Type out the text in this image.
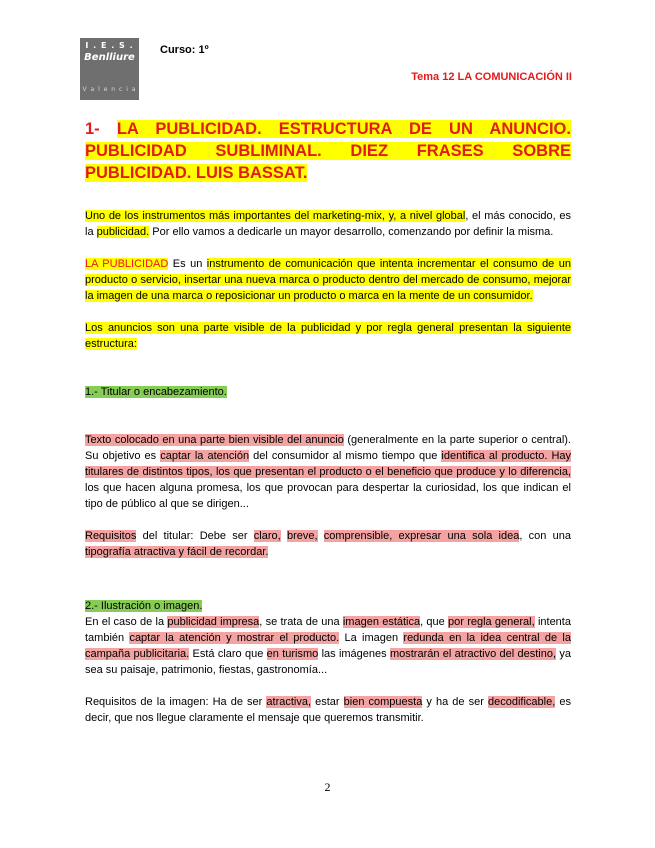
I . E . S .
Benlliure
V a l e n c i a
Curso: 1º
Tema 12 LA COMUNICACIÓN II
1- LA PUBLICIDAD. ESTRUCTURA DE UN ANUNCIO. PUBLICIDAD SUBLIMINAL. DIEZ FRASES SOBRE PUBLICIDAD. LUIS BASSAT.

Uno de los instrumentos más importantes del marketing-mix, y, a nivel global, el más conocido, es la publicidad. Por ello vamos a dedicarle un mayor desarrollo, comenzando por definir la misma.

LA PUBLICIDAD Es un instrumento de comunicación que intenta incrementar el consumo de un producto o servicio, insertar una nueva marca o producto dentro del mercado de consumo, mejorar la imagen de una marca o reposicionar un producto o marca en la mente de un consumidor.

Los anuncios son una parte visible de la publicidad y por regla general presentan la siguiente estructura:

1.- Titular o encabezamiento.

Texto colocado en una parte bien visible del anuncio (generalmente en la parte superior o central). Su objetivo es captar la atención del consumidor al mismo tiempo que identifica al producto. Hay titulares de distintos tipos, los que presentan el producto o el beneficio que produce y lo diferencia, los que hacen alguna promesa, los que provocan para despertar la curiosidad, los que indican el tipo de público al que se dirigen...

Requisitos del titular: Debe ser claro, breve, comprensible, expresar una sola idea, con una tipografía atractiva y fácil de recordar.

2.- Ilustración o imagen.

En el caso de la publicidad impresa, se trata de una imagen estática, que por regla general, intenta también captar la atención y mostrar el producto. La imagen redunda en la idea central de la campaña publicitaria. Está claro que en turismo las imágenes mostrarán el atractivo del destino, ya sea su paisaje, patrimonio, fiestas, gastronomía...

Requisitos de la imagen: Ha de ser atractiva, estar bien compuesta y ha de ser decodificable, es decir, que nos llegue claramente el mensaje que queremos transmitir.

2
